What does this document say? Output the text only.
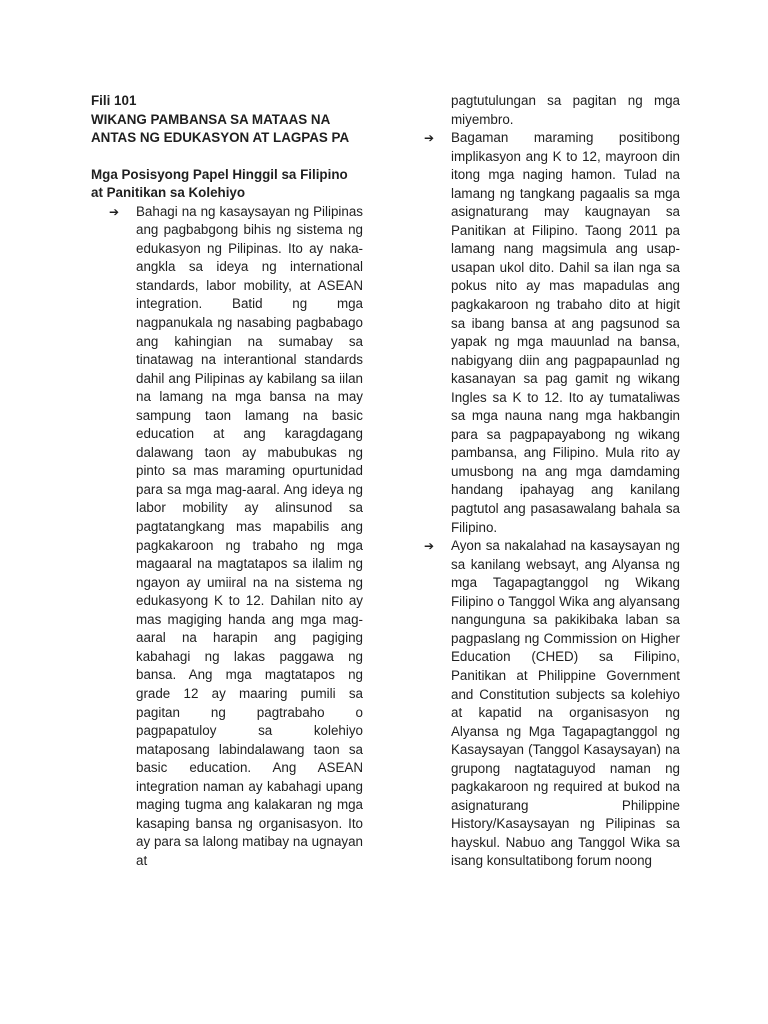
Fili 101
WIKANG PAMBANSA SA MATAAS NA
ANTAS NG EDUKASYON AT LAGPAS PA
Mga Posisyong Papel Hinggil sa Filipino
at Panitikan sa Kolehiyo
➔	Bahagi na ng kasaysayan ng Pilipinas ang pagbabgong bihis ng sistema ng edukasyon ng Pilipinas. Ito ay naka-angkla sa ideya ng international standards, labor mobility, at ASEAN integration. Batid ng mga nagpanukala ng nasabing pagbabago ang kahingian na sumabay sa tinatawag na interantional standards dahil ang Pilipinas ay kabilang sa iilan na lamang na mga bansa na may sampung taon lamang na basic education at ang karagdagang dalawang taon ay mabubukas ng pinto sa mas maraming opurtunidad para sa mga mag-aaral. Ang ideya ng labor mobility ay alinsunod sa pagtatangkang mas mapabilis ang pagkakaroon ng trabaho ng mga magaaral na magtatapos sa ilalim ng ngayon ay umiiral na na sistema ng edukasyong K to 12. Dahilan nito ay mas magiging handa ang mga mag-aaral na harapin ang pagiging kabahagi ng lakas paggawa ng bansa. Ang mga magtatapos ng grade 12 ay maaring pumili sa pagitan ng pagtrabaho o pagpapatuloy sa kolehiyo mataposang labindalawang taon sa basic education. Ang ASEAN integration naman ay kabahagi upang maging tugma ang kalakaran ng mga kasaping bansa ng organisasyon. Ito ay para sa lalong matibay na ugnayan at
pagtutulungan sa pagitan ng mga miyembro.
➔	Bagaman maraming positibong implikasyon ang K to 12, mayroon din itong mga naging hamon. Tulad na lamang ng tangkang pagaalis sa mga asignaturang may kaugnayan sa Panitikan at Filipino. Taong 2011 pa lamang nang magsimula ang usap-usapan ukol dito. Dahil sa ilan nga sa pokus nito ay mas mapadulas ang pagkakaroon ng trabaho dito at higit sa ibang bansa at ang pagsunod sa yapak ng mga mauunlad na bansa, nabigyang diin ang pagpapaunlad ng kasanayan sa pag gamit ng wikang Ingles sa K to 12. Ito ay tumataliwas sa mga nauna nang mga hakbangin para sa pagpapayabong ng wikang pambansa, ang Filipino. Mula rito ay umusbong na ang mga damdaming handang ipahayag ang kanilang pagtutol ang pasasawalang bahala sa Filipino.
➔	Ayon sa nakalahad na kasaysayan ng sa kanilang websayt, ang Alyansa ng mga Tagapagtanggol ng Wikang Filipino o Tanggol Wika ang alyansang nangunguna sa pakikibaka laban sa pagpaslang ng Commission on Higher Education (CHED) sa Filipino, Panitikan at Philippine Government and Constitution subjects sa kolehiyo at kapatid na organisasyon ng Alyansa ng Mga Tagapagtanggol ng Kasaysayan (Tanggol Kasaysayan) na grupong nagtataguyod naman ng pagkakaroon ng required at bukod na asignaturang Philippine History/Kasaysayan ng Pilipinas sa hayskul. Nabuo ang Tanggol Wika sa isang konsultatibong forum noong
